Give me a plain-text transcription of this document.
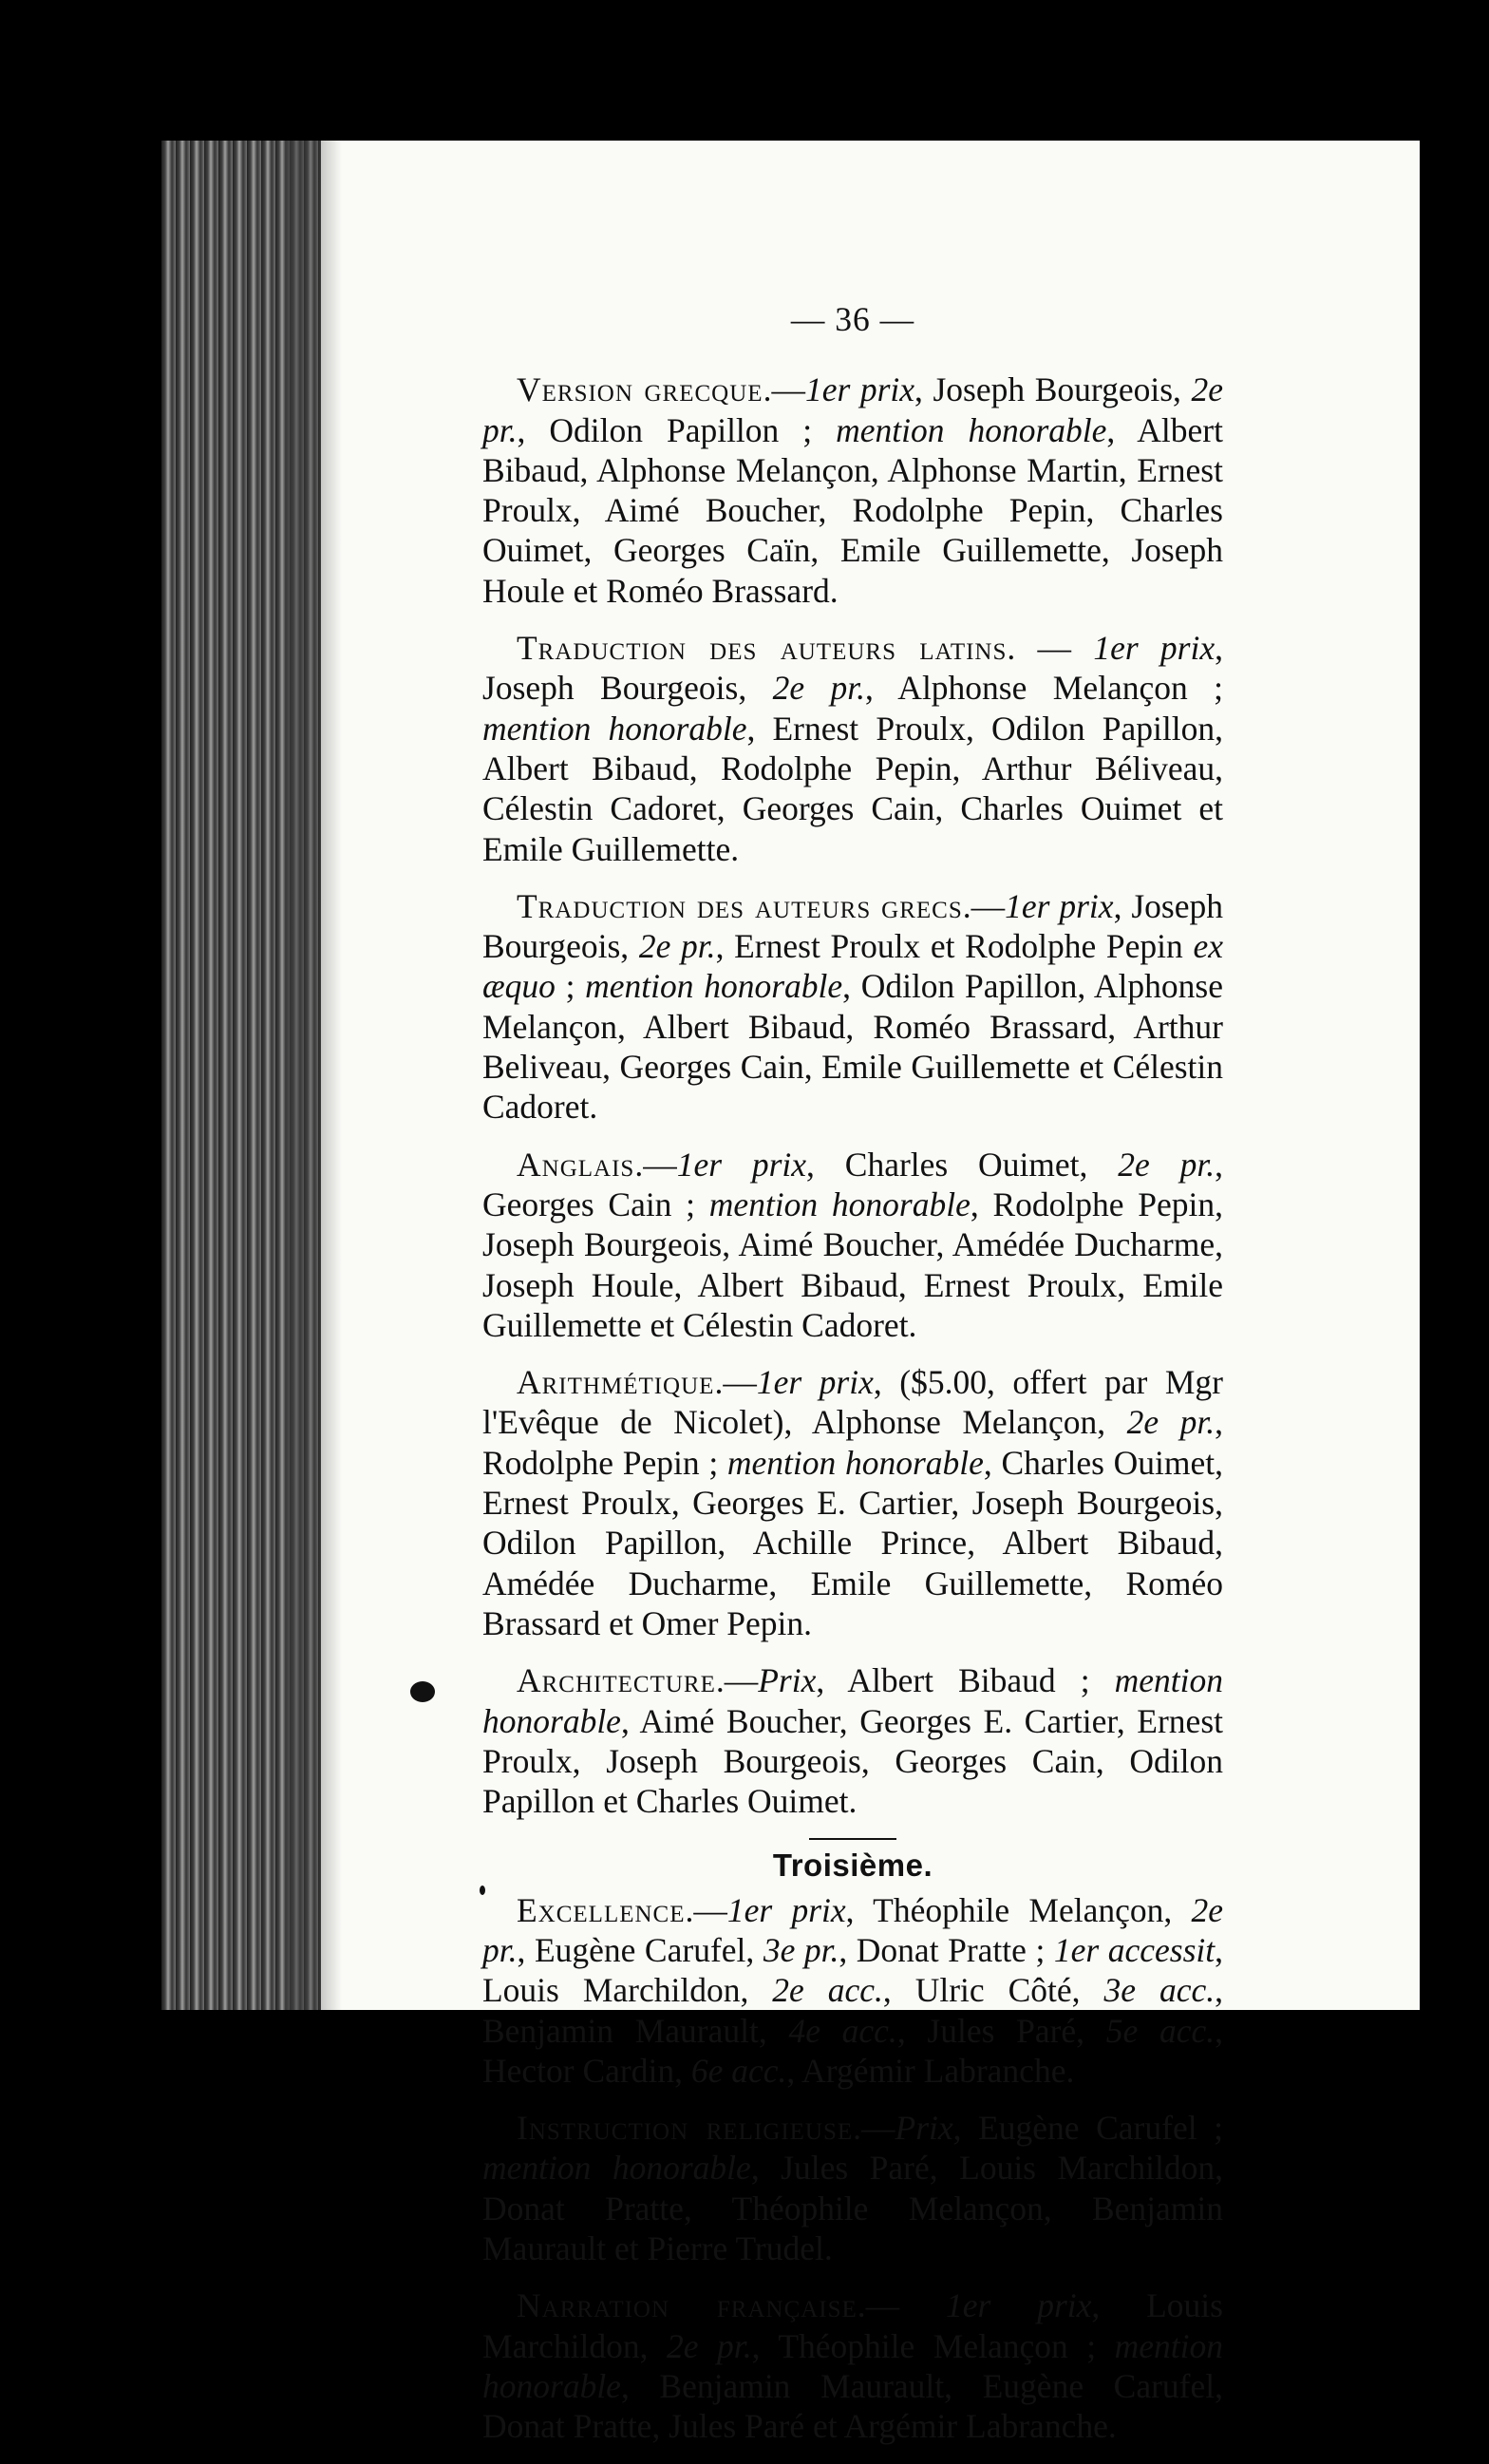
— 36 —

Version grecque.—1er prix, Joseph Bourgeois, 2e pr., Odilon Papillon ; mention honorable, Albert Bibaud, Alphonse Melançon, Alphonse Martin, Ernest Proulx, Aimé Boucher, Rodolphe Pepin, Charles Ouimet, Georges Caïn, Emile Guillemette, Joseph Houle et Roméo Brassard.

Traduction des auteurs latins. — 1er prix, Joseph Bourgeois, 2e pr., Alphonse Melançon ; mention honorable, Ernest Proulx, Odilon Papillon, Albert Bibaud, Rodolphe Pepin, Arthur Béliveau, Célestin Cadoret, Georges Cain, Charles Ouimet et Emile Guillemette.

Traduction des auteurs grecs.—1er prix, Joseph Bourgeois, 2e pr., Ernest Proulx et Rodolphe Pepin ex æquo ; mention honorable, Odilon Papillon, Alphonse Melançon, Albert Bibaud, Roméo Brassard, Arthur Beliveau, Georges Cain, Emile Guillemette et Célestin Cadoret.

Anglais.—1er prix, Charles Ouimet, 2e pr., Georges Cain ; mention honorable, Rodolphe Pepin, Joseph Bourgeois, Aimé Boucher, Amédée Ducharme, Joseph Houle, Albert Bibaud, Ernest Proulx, Emile Guillemette et Célestin Cadoret.

Arithmétique.—1er prix, ($5.00, offert par Mgr l'Evêque de Nicolet), Alphonse Melançon, 2e pr., Rodolphe Pepin ; mention honorable, Charles Ouimet, Ernest Proulx, Georges E. Cartier, Joseph Bourgeois, Odilon Papillon, Achille Prince, Albert Bibaud, Amédée Ducharme, Emile Guillemette, Roméo Brassard et Omer Pepin.

Architecture.—Prix, Albert Bibaud ; mention honorable, Aimé Boucher, Georges E. Cartier, Ernest Proulx, Joseph Bourgeois, Georges Cain, Odilon Papillon et Charles Ouimet.

Troisième.

Excellence.—1er prix, Théophile Melançon, 2e pr., Eugène Carufel, 3e pr., Donat Pratte ; 1er accessit, Louis Marchildon, 2e acc., Ulric Côté, 3e acc., Benjamin Maurault, 4e acc., Jules Paré, 5e acc., Hector Cardin, 6e acc., Argémir Labranche.

Instruction religieuse.—Prix, Eugène Carufel ; mention honorable, Jules Paré, Louis Marchildon, Donat Pratte, Théophile Melançon, Benjamin Maurault et Pierre Trudel.

Narration française.— 1er prix, Louis Marchildon, 2e pr., Théophile Melançon ; mention honorable, Benjamin Maurault, Eugène Carufel, Donat Pratte, Jules Paré et Argémir Labranche.
